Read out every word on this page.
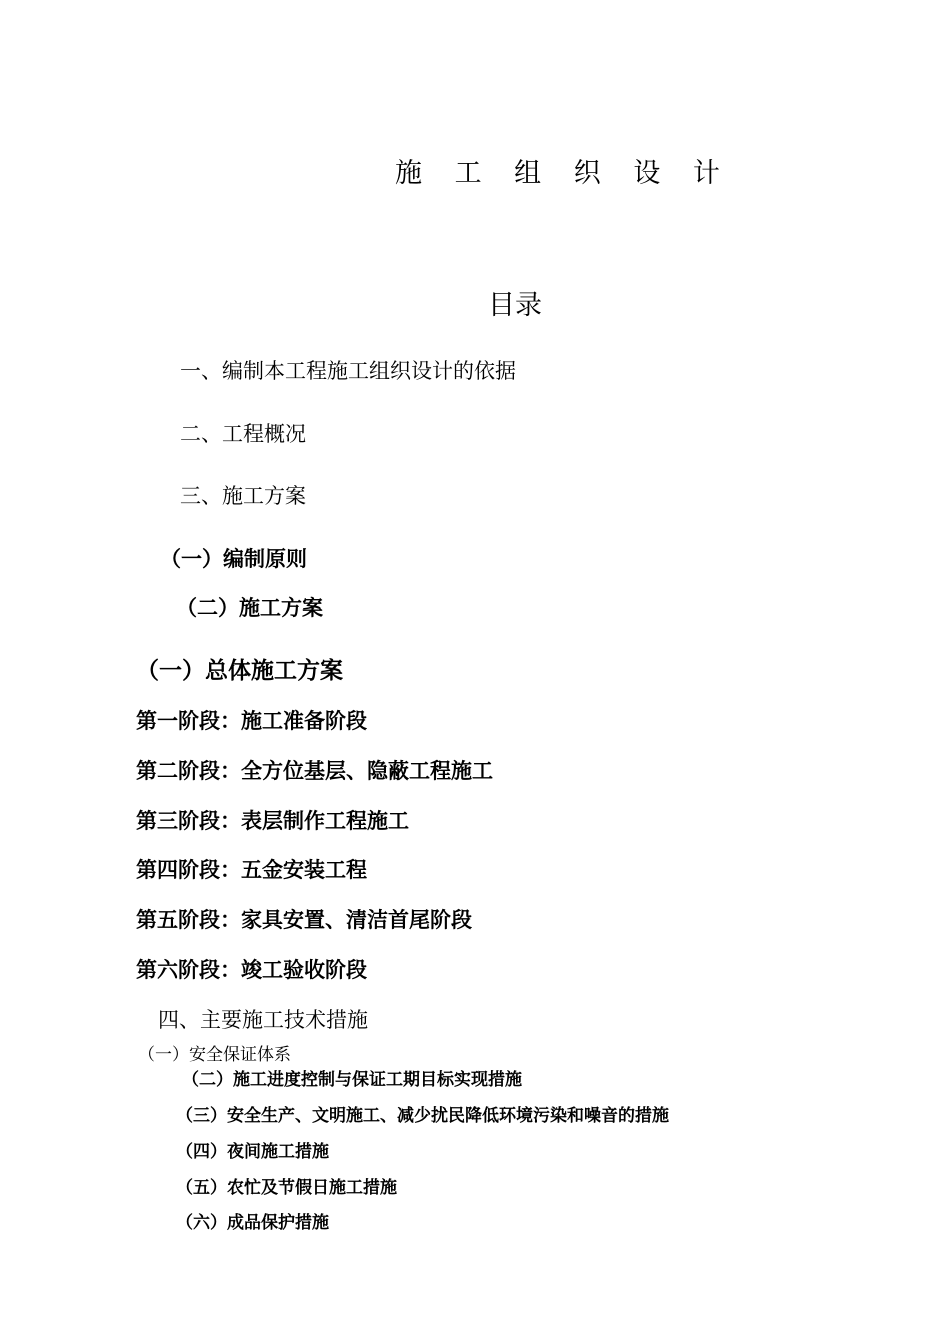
施 工 组 织 设 计
目录
一、编制本工程施工组织设计的依据
二、工程概况
三、施工方案
（一）编制原则
（二）施工方案
（一）总体施工方案
第一阶段：施工准备阶段
第二阶段：全方位基层、隐蔽工程施工
第三阶段：表层制作工程施工
第四阶段：五金安装工程
第五阶段：家具安置、清洁首尾阶段
第六阶段：竣工验收阶段
四、主要施工技术措施
（一）安全保证体系
（二）施工进度控制与保证工期目标实现措施
（三）安全生产、文明施工、减少扰民降低环境污染和噪音的措施
（四）夜间施工措施
（五）农忙及节假日施工措施
（六）成品保护措施
